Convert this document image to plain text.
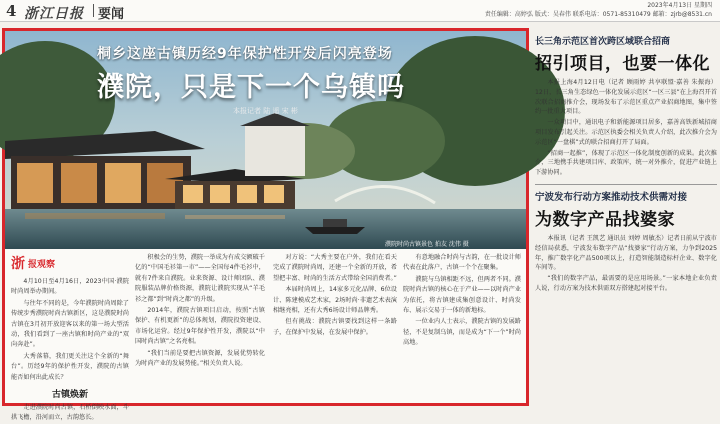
4 浙江日报 要闻
2023年4月13日 星期四
责任编辑：高婷弘 版式：吴春伟 联系电话：0571-85310479 邮箱：zjrb@8531.cn
桐乡这座古镇历经9年保护性开发后闪亮登场
濮院，只是下一个乌镇吗
本报记者 陆 遥 宋 彬
濮院时尚古镇景色 拍友 沈伟 摄
浙 报观察

4月10日至4月16日，2023中国·濮院时尚周举办期间。

与往年不同的是，今年濮院时尚周除了传统步秀濮院时尚古镇新区，这是濮院时尚古镇在3月初开放迎客以来的第一场大型活动，我们看到了一座古镇和时尚产业的“双向奔赴”。

大秀落幕，我们更关注这个全新的“舞台”。历经9年的保护性开发，濮院的古镇能否如何出此成长？

古镇焕新

走进濮院时尚古镇，石桥倒映水面，斗拱飞檐，沿河而立，古韵悠长。

积极会的生势，濮院一举成为有成交额破千亿的“中国毛衫第一市”——全国每4件毛衫中，就有7件来自濮院。业来资源、设计师团队、濮院服装品牌价格资源，濮院让濮院实现从“羊毛衫之都”到“时尚之都”的升级。

2014年，濮院古镇项目启动，按照“古镇保护、有机更新”的总体规划，濮院投资建设、市场化运营。经过9年保护性开发，濮院以“中国时尚古镇”之名亮相。

“我们当前是要把古镇资源，发展优势转化为时尚产业的发展势能。”相关负责人说。

对方说：“大秀主要在户外，我们在看天完成了濮院时尚周，还建一个全新的开放，希望把丰富、时尚的生活方式带给全国消费者。”

本届时尚周上，14家多元化品牌、6位设计、陈建模成艺术家，2场时尚·非遗艺术表演相继亮相，还有大秀6场设计师品牌秀。

但有挑战：濮院古镇要找到这样一条路子，在保护中发展，在发展中保护。

有意地融合时尚与古韵，在一批设计师代表在此落户，古镇一个个在聚集。

濮院与乌镇相距不远，但两者不同。濮院时尚古镇的核心在于产业——以时尚产业为依托，将古镇建成集创意设计、时尚发布、展示交易于一体的新地标。

一位业内人士表示，濮院古镇的发展路径，不是复制乌镇，而是成为“下一个”时尚高地。

长三角示范区首次跨区域联合招商
招引项目，也要一体化

本报上海4月12日电（记者 顾雨婷 共享联盟·嘉善 朱振海）12日，长三角生态绿色一体化发展示范区“一区三县”在上海召开首次联合招商推介会，现场发布了示范区重点产业招商地图，集中签约一批重大项目。

一众项目中，通讯电子和新能源项目居多，嘉善高铁新城招商项目发布引起关注。示范区执委会相关负责人介绍，此次推介会为示范区“一盘棋”式的联合招商打开了局面。

“招商一起推”，体现了示范区一体化制度创新的成果。此次推介，三地携手共建项目库、政策库，统一对外推介，促进产业链上下游协同。

宁波发布行动方案推动技术供需对接
为数字产品找婆家

本报讯（记者 王凯艺 通讯员 刘婷 周敏杰）记者日前从宁波市经信局获悉，宁波发布数字产品“找婆家”行动方案，力争到2025年，推广数字化产品500项以上，打造智能制造标杆企业、数字化车间等。

“我们的数字产品，最需要的是应用场景。”一家本地企业负责人说，行动方案为技术供需双方搭建起对接平台。
